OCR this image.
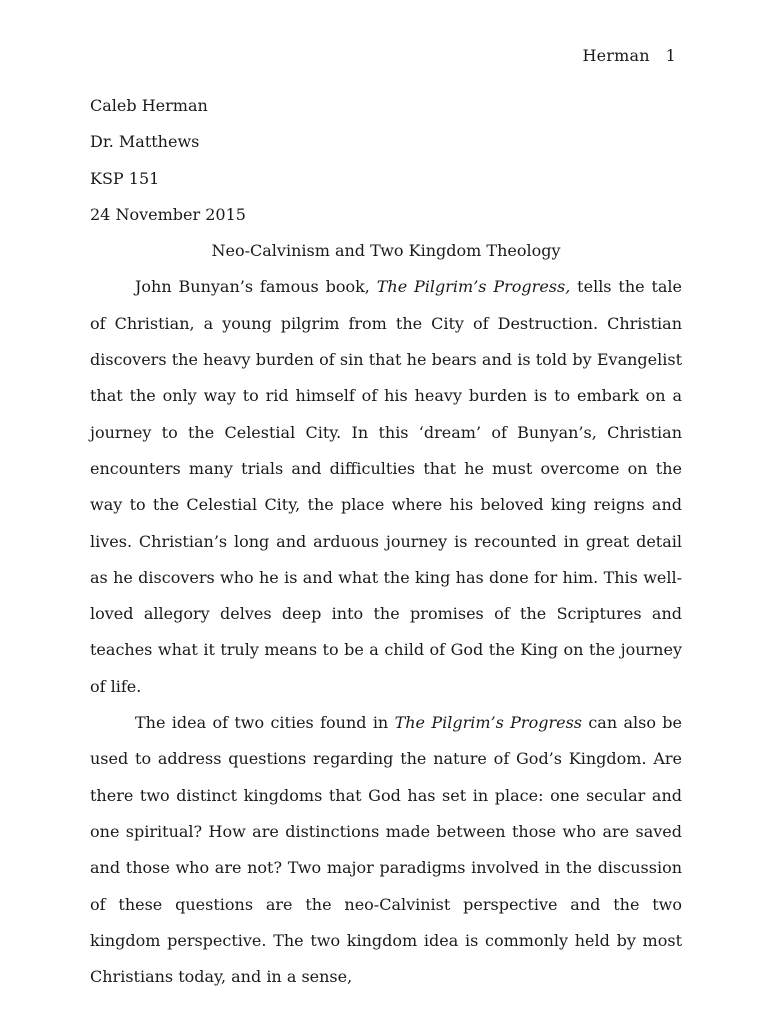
Herman 1
Caleb Herman
Dr. Matthews
KSP 151
24 November 2015
Neo-Calvinism and Two Kingdom Theology

John Bunyan’s famous book, The Pilgrim’s Progress, tells the tale of Christian, a young pilgrim from the City of Destruction. Christian discovers the heavy burden of sin that he bears and is told by Evangelist that the only way to rid himself of his heavy burden is to embark on a journey to the Celestial City. In this ‘dream’ of Bunyan’s, Christian encounters many trials and difficulties that he must overcome on the way to the Celestial City, the place where his beloved king reigns and lives. Christian’s long and arduous journey is recounted in great detail as he discovers who he is and what the king has done for him. This well-loved allegory delves deep into the promises of the Scriptures and teaches what it truly means to be a child of God the King on the journey of life.

The idea of two cities found in The Pilgrim’s Progress can also be used to address questions regarding the nature of God’s Kingdom. Are there two distinct kingdoms that God has set in place: one secular and one spiritual? How are distinctions made between those who are saved and those who are not? Two major paradigms involved in the discussion of these questions are the neo-Calvinist perspective and the two kingdom perspective. The two kingdom idea is commonly held by most Christians today, and in a sense,
